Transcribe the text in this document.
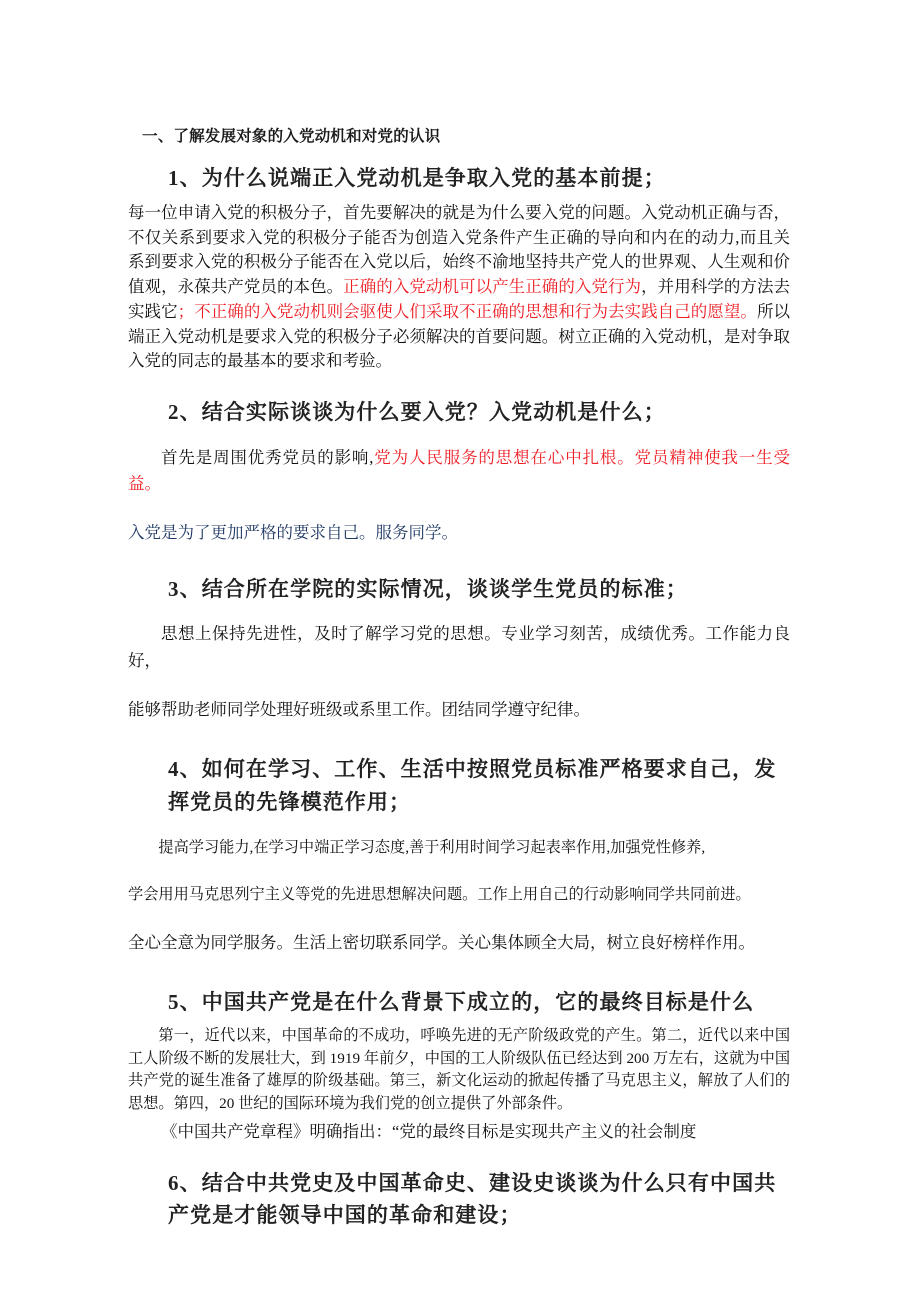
一、了解发展对象的入党动机和对党的认识
1、为什么说端正入党动机是争取入党的基本前提；

每一位申请入党的积极分子，首先要解决的就是为什么要入党的问题。入党动机正确与否，不仅关系到要求入党的积极分子能否为创造入党条件产生正确的导向和内在的动力,而且关系到要求入党的积极分子能否在入党以后，始终不渝地坚持共产党人的世界观、人生观和价值观，永葆共产党员的本色。正确的入党动机可以产生正确的入党行为，并用科学的方法去实践它；不正确的入党动机则会驱使人们采取不正确的思想和行为去实践自己的愿望。所以端正入党动机是要求入党的积极分子必须解决的首要问题。树立正确的入党动机，是对争取入党的同志的最基本的要求和考验。

2、结合实际谈谈为什么要入党？入党动机是什么；

首先是周围优秀党员的影响,党为人民服务的思想在心中扎根。党员精神使我一生受益。

入党是为了更加严格的要求自己。服务同学。

3、结合所在学院的实际情况，谈谈学生党员的标准；

思想上保持先进性，及时了解学习党的思想。专业学习刻苦，成绩优秀。工作能力良好，

能够帮助老师同学处理好班级或系里工作。团结同学遵守纪律。

4、如何在学习、工作、生活中按照党员标准严格要求自己，发挥党员的先锋模范作用；

提高学习能力,在学习中端正学习态度,善于利用时间学习起表率作用,加强党性修养,

学会用用马克思列宁主义等党的先进思想解决问题。工作上用自己的行动影响同学共同前进。

全心全意为同学服务。生活上密切联系同学。关心集体顾全大局，树立良好榜样作用。

5、中国共产党是在什么背景下成立的，它的最终目标是什么

第一，近代以来，中国革命的不成功，呼唤先进的无产阶级政党的产生。第二，近代以来中国工人阶级不断的发展壮大，到 1919 年前夕，中国的工人阶级队伍已经达到 200 万左右，这就为中国共产党的诞生准备了雄厚的阶级基础。第三，新文化运动的掀起传播了马克思主义，解放了人们的思想。第四，20 世纪的国际环境为我们党的创立提供了外部条件。

《中国共产党章程》明确指出：“党的最终目标是实现共产主义的社会制度

6、结合中共党史及中国革命史、建设史谈谈为什么只有中国共产党是才能领导中国的革命和建设；
